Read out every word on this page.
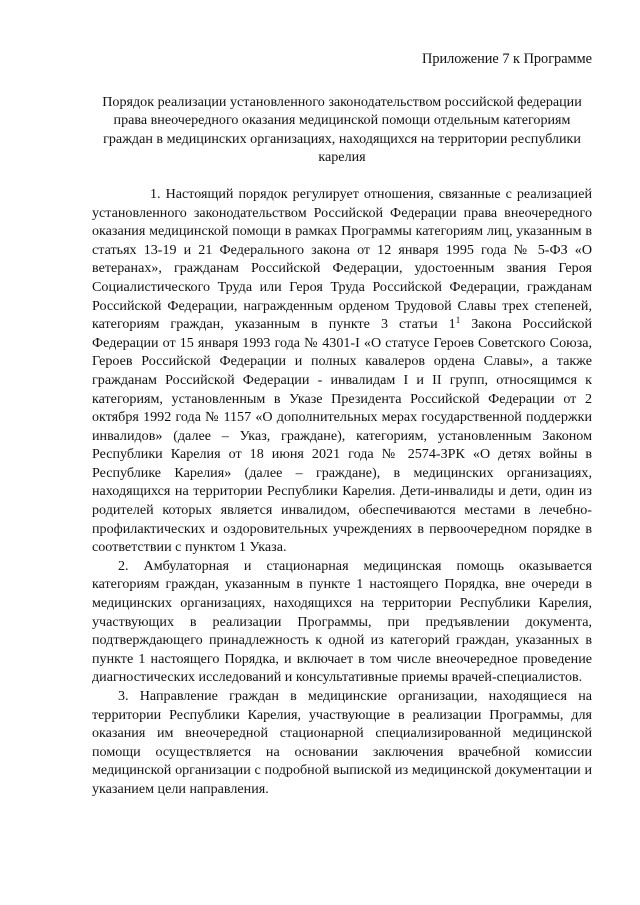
Приложение 7 к Программе
Порядок реализации установленного законодательством российской федерации права внеочередного оказания медицинской помощи отдельным категориям граждан в медицинских организациях, находящихся на территории республики карелия

1. Настоящий порядок регулирует отношения, связанные с реализацией установленного законодательством Российской Федерации права внеочередного оказания медицинской помощи в рамках Программы категориям лиц, указанным в статьях 13-19 и 21 Федерального закона от 12 января 1995 года № 5-ФЗ «О ветеранах», гражданам Российской Федерации, удостоенным звания Героя Социалистического Труда или Героя Труда Российской Федерации, гражданам Российской Федерации, награжденным орденом Трудовой Славы трех степеней, категориям граждан, указанным в пункте 3 статьи $1^1$ Закона Российской Федерации от 15 января 1993 года № 4301-I «О статусе Героев Советского Союза, Героев Российской Федерации и полных кавалеров ордена Славы», а также гражданам Российской Федерации - инвалидам I и II групп, относящимся к категориям, установленным в Указе Президента Российской Федерации от 2 октября 1992 года № 1157 «О дополнительных мерах государственной поддержки инвалидов» (далее – Указ, граждане), категориям, установленным Законом Республики Карелия от 18 июня 2021 года № 2574-ЗРК «О детях войны в Республике Карелия» (далее – граждане), в медицинских организациях, находящихся на территории Республики Карелия. Дети-инвалиды и дети, один из родителей которых является инвалидом, обеспечиваются местами в лечебно-профилактических и оздоровительных учреждениях в первоочередном порядке в соответствии с пунктом 1 Указа.

2. Амбулаторная и стационарная медицинская помощь оказывается категориям граждан, указанным в пункте 1 настоящего Порядка, вне очереди в медицинских организациях, находящихся на территории Республики Карелия, участвующих в реализации Программы, при предъявлении документа, подтверждающего принадлежность к одной из категорий граждан, указанных в пункте 1 настоящего Порядка, и включает в том числе внеочередное проведение диагностических исследований и консультативные приемы врачей-специалистов.

3. Направление граждан в медицинские организации, находящиеся на территории Республики Карелия, участвующие в реализации Программы, для оказания им внеочередной стационарной специализированной медицинской помощи осуществляется на основании заключения врачебной комиссии медицинской организации с подробной выпиской из медицинской документации и указанием цели направления.
